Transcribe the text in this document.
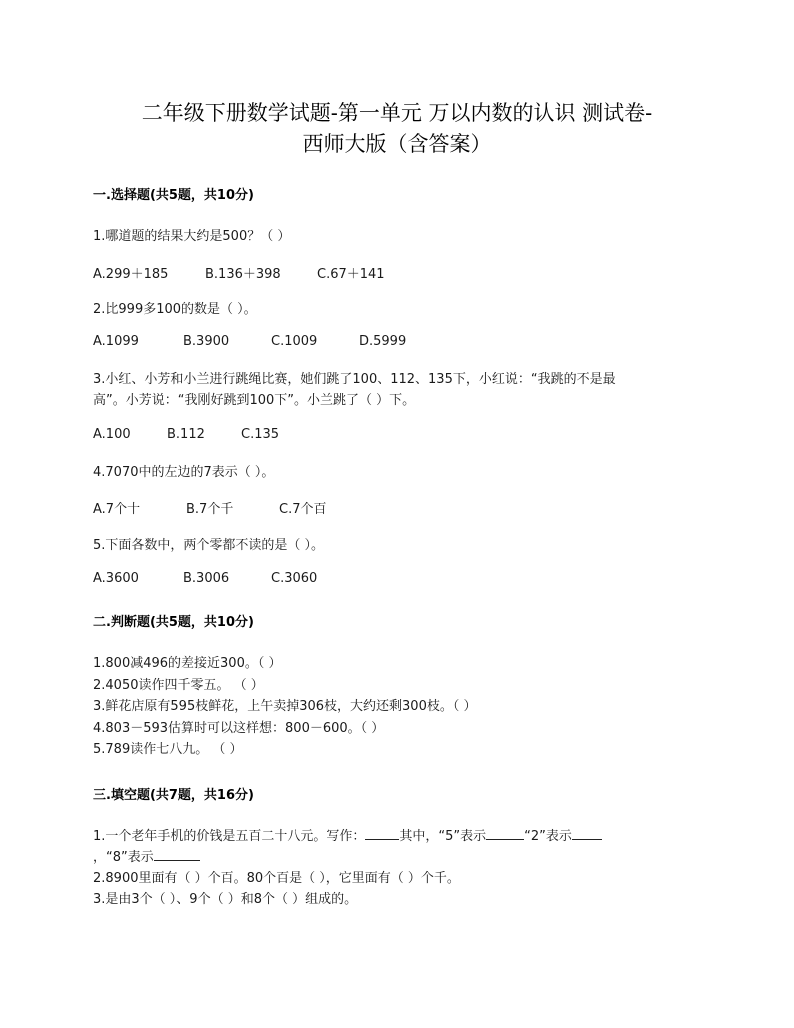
二年级下册数学试题-第一单元 万以内数的认识 测试卷-
西师大版（含答案）
一.选择题(共5题，共10分)
1.哪道题的结果大约是500？（ ）
A.299＋185	B.136＋398	C.67＋141
2.比999多100的数是（ ）。
A.1099	B.3900	C.1009	D.5999
3.小红、小芳和小兰进行跳绳比赛，她们跳了100、112、135下，小红说：“我跳的不是最
高”。小芳说：“我刚好跳到100下”。小兰跳了（ ）下。
A.100	B.112	C.135
4.7070中的左边的7表示（ ）。
A.7个十	B.7个千	C.7个百
5.下面各数中，两个零都不读的是（ ）。
A.3600	B.3006	C.3060
二.判断题(共5题，共10分)
1.800减496的差接近300。（ ）
2.4050读作四千零五。 （ ）
3.鲜花店原有595枝鲜花，上午卖掉306枝，大约还剩300枝。（ ）
4.803－593估算时可以这样想：800－600。（ ）
5.789读作七八九。 （ ）
三.填空题(共7题，共16分)
1.一个老年手机的价钱是五百二十八元。写作：	其中，“5”表示	“2”表示
，“8”表示
2.8900里面有（ ）个百。80个百是（ ），它里面有（ ）个千。
3.是由3个（ ）、9个（ ）和8个（ ）组成的。
